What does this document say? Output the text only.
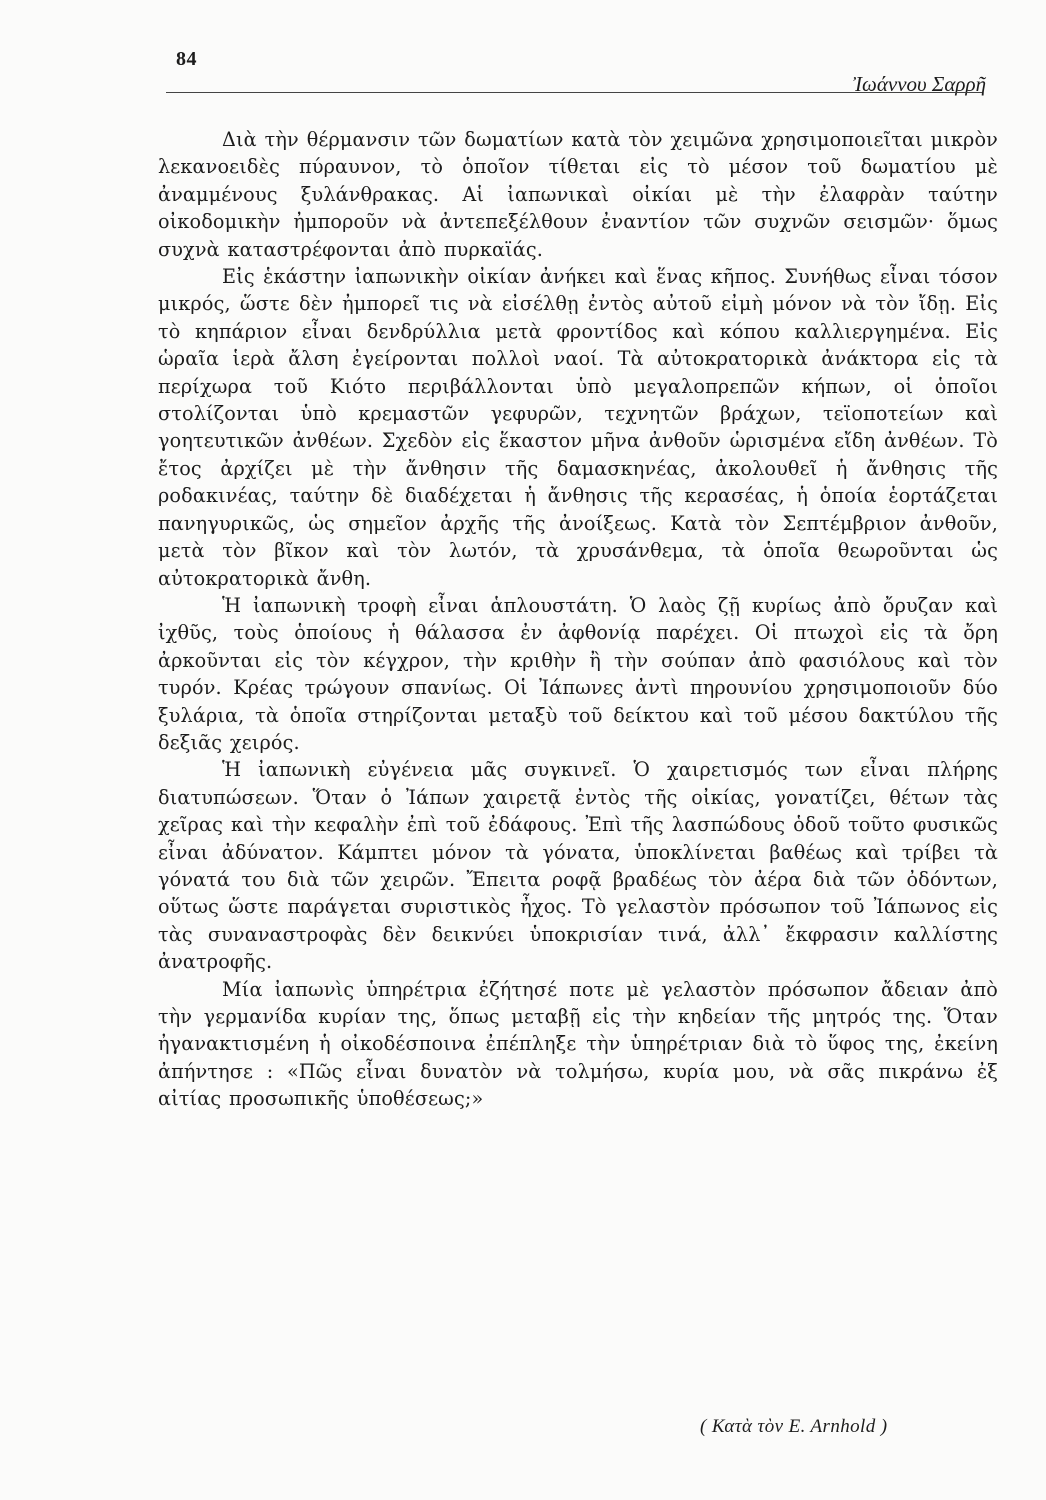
84
Ἰωάννου Σαρρῆ

Διὰ τὴν θέρμανσιν τῶν δωματίων κατὰ τὸν χειμῶνα χρησιμοποιεῖται μικρὸν λεκανοειδὲς πύραυνον, τὸ ὁποῖον τίθεται εἰς τὸ μέσον τοῦ δωματίου μὲ ἀναμμένους ξυλάνθρακας. Αἱ ἰαπωνικαὶ οἰκίαι μὲ τὴν ἐλαφρὰν ταύτην οἰκοδομικὴν ἠμποροῦν νὰ ἀντεπεξέλθουν ἐναντίον τῶν συχνῶν σεισμῶν· ὅμως συχνὰ καταστρέφονται ἀπὸ πυρκαϊάς.

Εἰς ἑκάστην ἰαπωνικὴν οἰκίαν ἀνήκει καὶ ἕνας κῆπος. Συνήθως εἶναι τόσον μικρός, ὥστε δὲν ἠμπορεῖ τις νὰ εἰσέλθῃ ἐντὸς αὐτοῦ εἰμὴ μόνον νὰ τὸν ἴδῃ. Εἰς τὸ κηπάριον εἶναι δενδρύλλια μετὰ φροντίδος καὶ κόπου καλλιεργημένα. Εἰς ὡραῖα ἱερὰ ἄλση ἐγείρονται πολλοὶ ναοί. Τὰ αὐτοκρατορικὰ ἀνάκτορα εἰς τὰ περίχωρα τοῦ Κιότο περιβάλλονται ὑπὸ μεγαλοπρεπῶν κήπων, οἱ ὁποῖοι στολίζονται ὑπὸ κρεμαστῶν γεφυρῶν, τεχνητῶν βράχων, τεϊοποτείων καὶ γοητευτικῶν ἀνθέων. Σχεδὸν εἰς ἕκαστον μῆνα ἀνθοῦν ὡρισμένα εἴδη ἀνθέων. Τὸ ἔτος ἀρχίζει μὲ τὴν ἄνθησιν τῆς δαμασκηνέας, ἀκολουθεῖ ἡ ἄνθησις τῆς ροδακινέας, ταύτην δὲ διαδέχεται ἡ ἄνθησις τῆς κερασέας, ἡ ὁποία ἑορτάζεται πανηγυρικῶς, ὡς σημεῖον ἀρχῆς τῆς ἀνοίξεως. Κατὰ τὸν Σεπτέμβριον ἀνθοῦν, μετὰ τὸν βῖκον καὶ τὸν λωτόν, τὰ χρυσάνθεμα, τὰ ὁποῖα θεωροῦνται ὡς αὐτοκρατορικὰ ἄνθη.

Ἡ ἰαπωνικὴ τροφὴ εἶναι ἁπλουστάτη. Ὁ λαὸς ζῇ κυρίως ἀπὸ ὄρυζαν καὶ ἰχθῦς, τοὺς ὁποίους ἡ θάλασσα ἐν ἀφθονίᾳ παρέχει. Οἱ πτωχοὶ εἰς τὰ ὄρη ἀρκοῦνται εἰς τὸν κέγχρον, τὴν κριθὴν ἢ τὴν σούπαν ἀπὸ φασιόλους καὶ τὸν τυρόν. Κρέας τρώγουν σπανίως. Οἱ Ἰάπωνες ἀντὶ πηρουνίου χρησιμοποιοῦν δύο ξυλάρια, τὰ ὁποῖα στηρίζονται μεταξὺ τοῦ δείκτου καὶ τοῦ μέσου δακτύλου τῆς δεξιᾶς χειρός.

Ἡ ἰαπωνικὴ εὐγένεια μᾶς συγκινεῖ. Ὁ χαιρετισμός των εἶναι πλήρης διατυπώσεων. Ὅταν ὁ Ἰάπων χαιρετᾷ ἐντὸς τῆς οἰκίας, γονατίζει, θέτων τὰς χεῖρας καὶ τὴν κεφαλὴν ἐπὶ τοῦ ἐδάφους. Ἐπὶ τῆς λασπώδους ὁδοῦ τοῦτο φυσικῶς εἶναι ἀδύνατον. Κάμπτει μόνον τὰ γόνατα, ὑποκλίνεται βαθέως καὶ τρίβει τὰ γόνατά του διὰ τῶν χειρῶν. Ἔπειτα ροφᾷ βραδέως τὸν ἀέρα διὰ τῶν ὀδόντων, οὕτως ὥστε παράγεται συριστικὸς ἦχος. Τὸ γελαστὸν πρόσωπον τοῦ Ἰάπωνος εἰς τὰς συναναστροφὰς δὲν δεικνύει ὑποκρισίαν τινά, ἀλλ᾽ ἔκφρασιν καλλίστης ἀνατροφῆς.

Μία ἰαπωνὶς ὑπηρέτρια ἐζήτησέ ποτε μὲ γελαστὸν πρόσωπον ἄδειαν ἀπὸ τὴν γερμανίδα κυρίαν της, ὅπως μεταβῇ εἰς τὴν κηδείαν τῆς μητρός της. Ὅταν ἠγανακτισμένη ἡ οἰκοδέσποινα ἐπέπληξε τὴν ὑπηρέτριαν διὰ τὸ ὕφος της, ἐκείνη ἀπήντησε : «Πῶς εἶναι δυνατὸν νὰ τολμήσω, κυρία μου, νὰ σᾶς πικράνω ἐξ αἰτίας προσωπικῆς ὑποθέσεως;»

( Κατὰ τὸν E. Arnhold )
